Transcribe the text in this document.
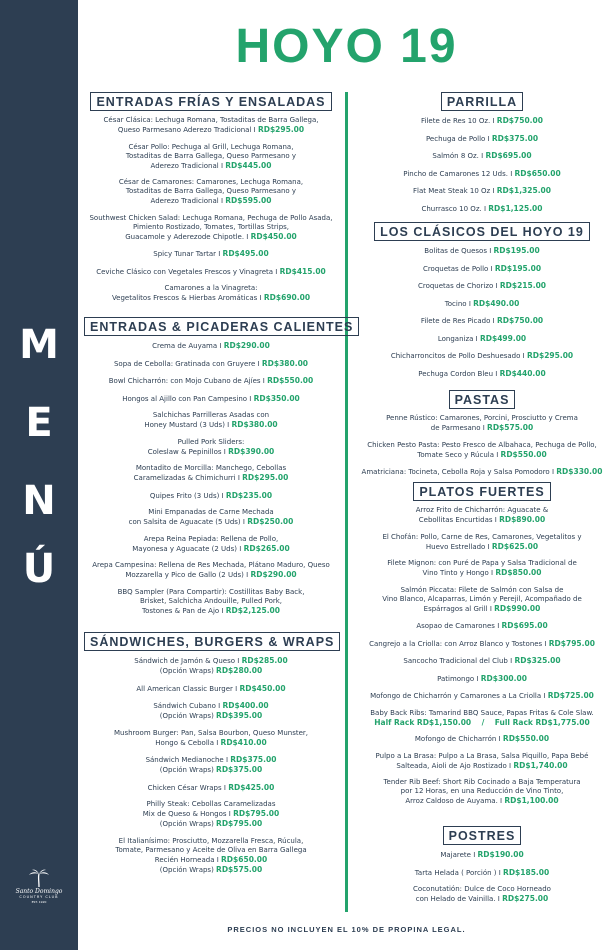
M
E
N
Ú
Santo Domingo
COUNTRY CLUB
EST. 1920
HOYO 19
ENTRADAS FRÍAS Y ENSALADAS
César Clásica: Lechuga Romana, Tostaditas de Barra Gallega,
Queso Parmesano Aderezo Tradicional I RD$295.00
César Pollo: Pechuga al Grill, Lechuga Romana,
Tostaditas de Barra Gallega, Queso Parmesano y
Aderezo Tradicional I RD$445.00
César de Camarones: Camarones, Lechuga Romana,
Tostaditas de Barra Gallega, Queso Parmesano y
Aderezo Tradicional I RD$595.00
Southwest Chicken Salad: Lechuga Romana, Pechuga de Pollo Asada,
Pimiento Rostizado, Tomates, Tortillas Strips,
Guacamole y Aderezode Chipotle. I RD$450.00
Spicy Tunar Tartar I RD$495.00
Ceviche Clásico con Vegetales Frescos y Vinagreta I RD$415.00
Camarones a la Vinagreta:
Vegetalitos Frescos & Hierbas Aromáticas I RD$690.00
ENTRADAS & PICADERAS CALIENTES
Crema de Auyama I RD$290.00
Sopa de Cebolla: Gratinada con Gruyere I RD$380.00
Bowl Chicharrón: con Mojo Cubano de Ajíes I RD$550.00
Hongos al Ajillo con Pan Campesino I RD$350.00
Salchichas Parrilleras Asadas con
Honey Mustard (3 Uds) I RD$380.00
Pulled Pork Sliders:
Coleslaw & Pepinillos I RD$390.00
Montadito de Morcilla: Manchego, Cebollas
Caramelizadas & Chimichurri I RD$295.00
Quipes Frito (3 Uds) I RD$235.00
Mini Empanadas de Carne Mechada
con Salsita de Aguacate (5 Uds) I RD$250.00
Arepa Reina Pepiada: Rellena de Pollo,
Mayonesa y Aguacate (2 Uds) I RD$265.00
Arepa Campesina: Rellena de Res Mechada, Plátano Maduro, Queso
Mozzarella y Pico de Gallo (2 Uds) I RD$290.00
BBQ Sampler (Para Compartir): Costillitas Baby Back,
Brisket, Salchicha Andouille, Pulled Pork,
Tostones & Pan de Ajo I RD$2,125.00
SÁNDWICHES, BURGERS & WRAPS
Sándwich de Jamón & Queso I RD$285.00
(Opción Wraps) RD$280.00
All American Classic Burger I RD$450.00
Sándwich Cubano I RD$400.00
(Opción Wraps) RD$395.00
Mushroom Burger: Pan, Salsa Bourbon, Queso Munster,
Hongo & Cebolla I RD$410.00
Sándwich Medianoche I RD$375.00
(Opción Wraps) RD$375.00
Chicken César Wraps I RD$425.00
Philly Steak: Cebollas Caramelizadas
Mix de Queso & Hongos I RD$795.00
(Opción Wraps) RD$795.00
El Italianísimo: Prosciutto, Mozzarella Fresca, Rúcula,
Tomate, Parmesano y Aceite de Oliva en Barra Gallega
Recién Horneada I RD$650.00
(Opción Wraps) RD$575.00
PARRILLA
Filete de Res 10 Oz. I RD$750.00
Pechuga de Pollo I RD$375.00
Salmón 8 Oz. I RD$695.00
Pincho de Camarones 12 Uds. I RD$650.00
Flat Meat Steak 10 Oz I RD$1,325.00
Churrasco 10 Oz. I RD$1,125.00
LOS CLÁSICOS DEL HOYO 19
Bolitas de Quesos I RD$195.00
Croquetas de Pollo I RD$195.00
Croquetas de Chorizo I RD$215.00
Tocino I RD$490.00
Filete de Res Picado I RD$750.00
Longaniza I RD$499.00
Chicharroncitos de Pollo Deshuesado I RD$295.00
Pechuga Cordon Bleu I RD$440.00
PASTAS
Penne Rústico: Camarones, Porcini, Prosciutto y Crema
de Parmesano I RD$575.00
Chicken Pesto Pasta: Pesto Fresco de Albahaca, Pechuga de Pollo,
Tomate Seco y Rúcula I RD$550.00
Amatriciana: Tocineta, Cebolla Roja y Salsa Pomodoro I RD$330.00
PLATOS FUERTES
Arroz Frito de Chicharrón: Aguacate &
Cebollitas Encurtidas I RD$890.00
El Chofán: Pollo, Carne de Res, Camarones, Vegetalitos y
Huevo Estrellado I RD$625.00
Filete Mignon: con Puré de Papa y Salsa Tradicional de
Vino Tinto y Hongo I RD$850.00
Salmón Piccata: Filete de Salmón con Salsa de
Vino Blanco, Alcaparras, Limón y Perejil, Acompañado de
Espárragos al Grill I RD$990.00
Asopao de Camarones I RD$695.00
Cangrejo a la Criolla: con Arroz Blanco y Tostones I RD$795.00
Sancocho Tradicional del Club I RD$325.00
Patimongo I RD$300.00
Mofongo de Chicharrón y Camarones a La Criolla I RD$725.00
Baby Back Ribs: Tamarind BBQ Sauce, Papas Fritas & Cole Slaw.
Half Rack RD$1,150.00    /    Full Rack RD$1,775.00
Mofongo de Chicharrón I RD$550.00
Pulpo a La Brasa: Pulpo a La Brasa, Salsa Piquillo, Papa Bebé
Salteada, Aioli de Ajo Rostizado I RD$1,740.00
Tender Rib Beef: Short Rib Cocinado a Baja Temperatura
por 12 Horas, en una Reducción de Vino Tinto,
Arroz Caldoso de Auyama. I RD$1,100.00
POSTRES
Majarete I RD$190.00
Tarta Helada ( Porción ) I RD$185.00
Coconutatión: Dulce de Coco Horneado
con Helado de Vainilla. I RD$275.00
PRECIOS NO INCLUYEN EL 10% DE PROPINA LEGAL.
